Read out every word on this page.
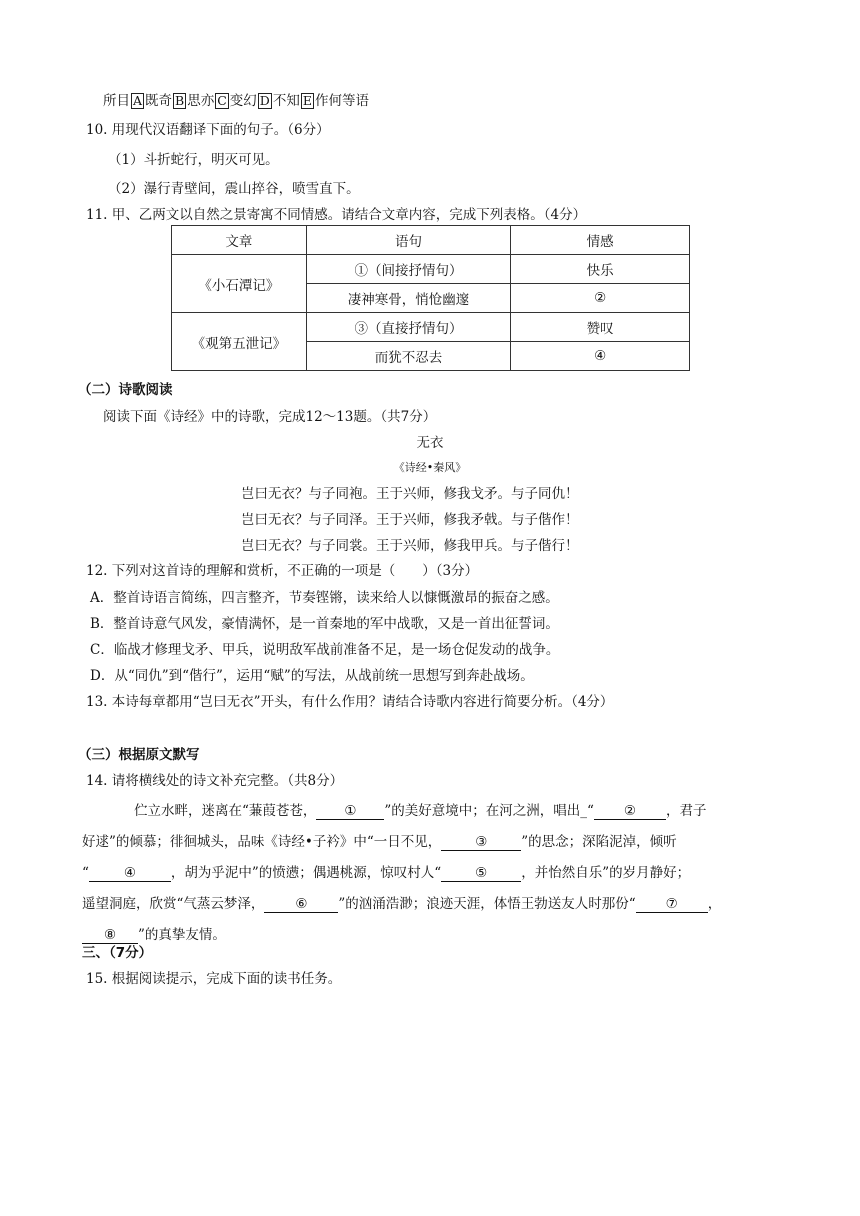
所目 A 既奇 B 思亦 C 变幻 D 不知 E 作何等语
10. 用现代汉语翻译下面的句子。（6分）
（1）斗折蛇行，明灭可见。
（2）瀑行青壁间，震山捽谷，喷雪直下。
11. 甲、乙两文以自然之景寄寓不同情感。请结合文章内容，完成下列表格。（4分）
文章	语句	情感
《小石潭记》	①（间接抒情句）	快乐
	凄神寒骨，悄怆幽邃	②
《观第五泄记》	③（直接抒情句）	赞叹
	而犹不忍去	④
（二）诗歌阅读
阅读下面《诗经》中的诗歌，完成12～13题。（共7分）
无衣
《诗经•秦风》
岂曰无衣？与子同袍。王于兴师，修我戈矛。与子同仇！
岂曰无衣？与子同泽。王于兴师，修我矛戟。与子偕作！
岂曰无衣？与子同裳。王于兴师，修我甲兵。与子偕行！
12. 下列对这首诗的理解和赏析，不正确的一项是（　　）（3分）
A．整首诗语言简练，四言整齐，节奏铿锵，读来给人以慷慨激昂的振奋之感。
B．整首诗意气风发，豪情满怀，是一首秦地的军中战歌，又是一首出征誓词。
C．临战才修理戈矛、甲兵，说明敌军战前准备不足，是一场仓促发动的战争。
D．从“同仇”到“偕行”，运用“赋”的写法，从战前统一思想写到奔赴战场。
13. 本诗每章都用“岂曰无衣”开头，有什么作用？请结合诗歌内容进行简要分析。（4分）
（三）根据原文默写
14. 请将横线处的诗文补充完整。（共8分）
伫立水畔，迷离在“蒹葭苍苍， ① ”的美好意境中；在河之洲，唱出_“ ② ，君子
好逑”的倾慕；徘徊城头，品味《诗经•子衿》中“一日不见，	③	”的思念；深陷泥淖，倾听
“	④	，胡为乎泥中”的愤懑；偶遇桃源，惊叹村人“	⑤	，并怡然自乐”的岁月静好；
遥望洞庭，欣赏“气蒸云梦泽， ⑥ ”的汹涌浩渺；浪迹天涯，体悟王勃送友人时那份“ ⑦ ，
⑧ ”的真挚友情。
三、（7分）
15. 根据阅读提示，完成下面的读书任务。
